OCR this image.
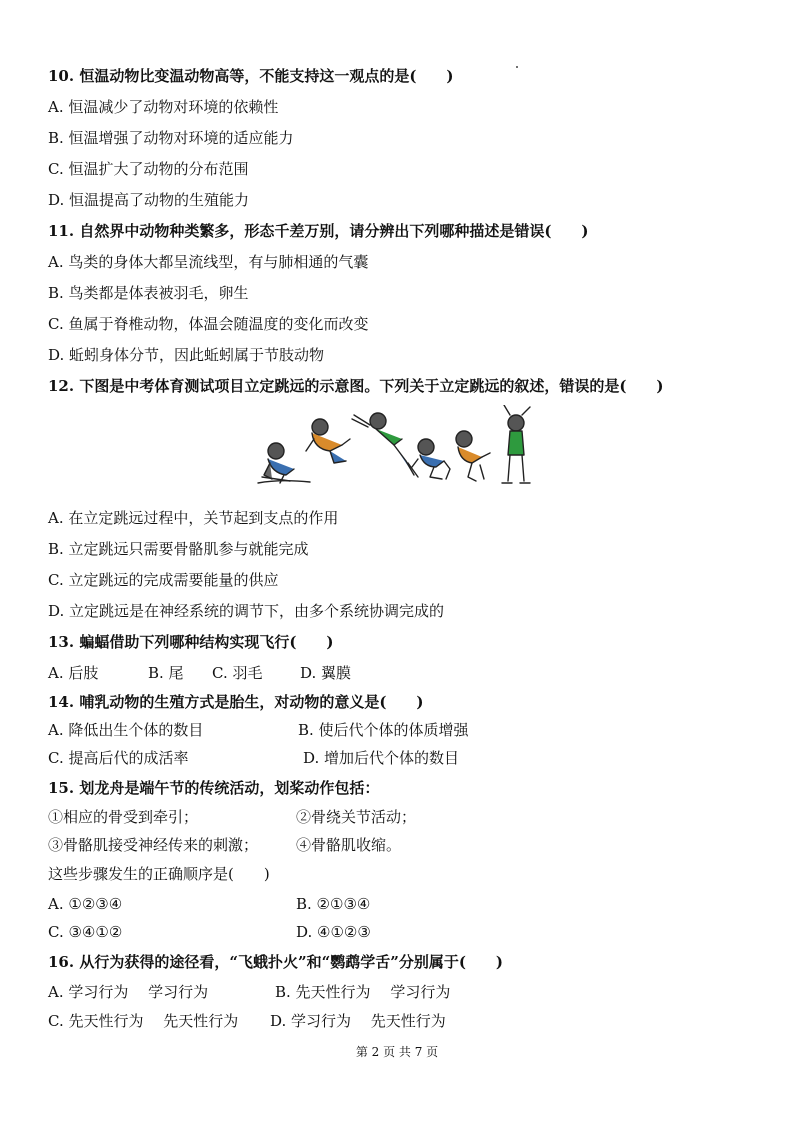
10. 恒温动物比变温动物高等，不能支持这一观点的是(　　)
A. 恒温减少了动物对环境的依赖性
B. 恒温增强了动物对环境的适应能力
C. 恒温扩大了动物的分布范围
D. 恒温提高了动物的生殖能力
11. 自然界中动物种类繁多，形态千差万别，请分辨出下列哪种描述是错误(　　)
A. 鸟类的身体大都呈流线型，有与肺相通的气囊
B. 鸟类都是体表被羽毛，卵生
C. 鱼属于脊椎动物，体温会随温度的变化而改变
D. 蚯蚓身体分节，因此蚯蚓属于节肢动物
12. 下图是中考体育测试项目立定跳远的示意图。下列关于立定跳远的叙述，错误的是(　　)
A. 在立定跳远过程中，关节起到支点的作用
B. 立定跳远只需要骨骼肌参与就能完成
C. 立定跳远的完成需要能量的供应
D. 立定跳远是在神经系统的调节下，由多个系统协调完成的
13. 蝙蝠借助下列哪种结构实现飞行(　　)
A. 后肢	B. 尾 C. 羽毛	D. 翼膜
14. 哺乳动物的生殖方式是胎生，对动物的意义是(　　)
A. 降低出生个体的数目	B. 使后代个体的体质增强
C. 提高后代的成活率	D. 增加后代个体的数目
15. 划龙舟是端午节的传统活动，划桨动作包括：
①相应的骨受到牵引；	②骨绕关节活动；
③骨骼肌接受神经传来的刺激；	④骨骼肌收缩。
这些步骤发生的正确顺序是(　　)
A. ①②③④	B. ②①③④
C. ③④①②	D. ④①②③
16. 从行为获得的途径看，“飞蛾扑火”和“鹦鹉学舌”分别属于(　　)
A. 学习行为　 学习行为	B. 先天性行为　 学习行为
C. 先天性行为　 先天性行为 D. 学习行为　 先天性行为
第 2 页 共 7 页
